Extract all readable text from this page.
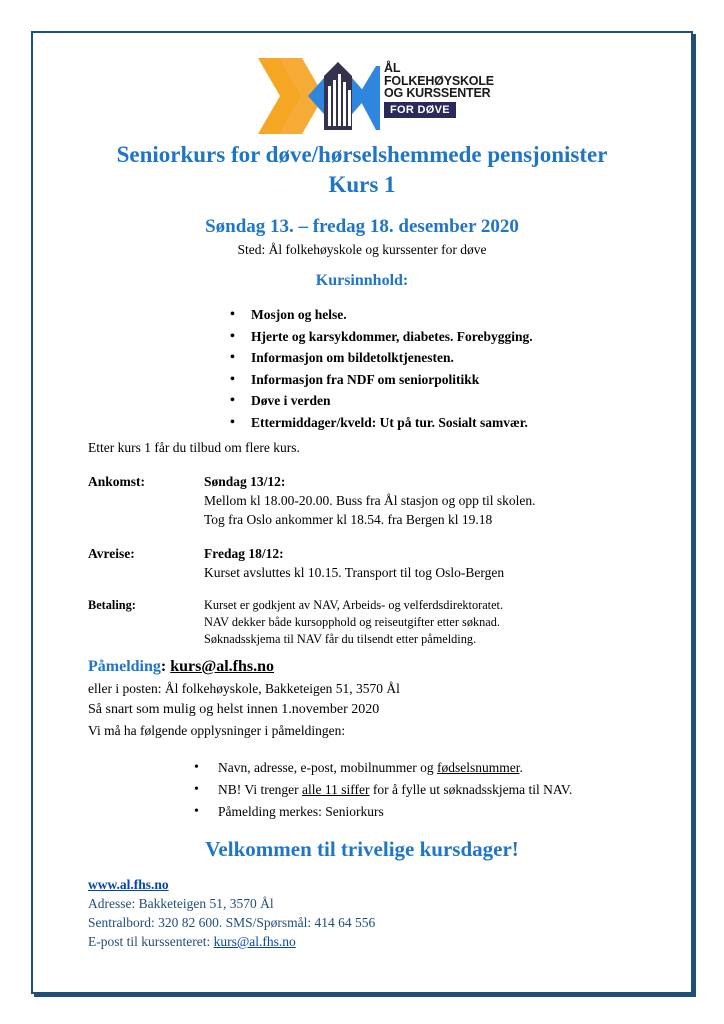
ÅL
FOLKEHØYSKOLE
OG KURSSENTER
FOR DØVE
Seniorkurs for døve/hørselshemmede pensjonister
Kurs 1
Søndag 13. – fredag 18. desember 2020
Sted: Ål folkehøyskole og kurssenter for døve
Kursinnhold:
• Mosjon og helse.
• Hjerte og karsykdommer, diabetes. Forebygging.
• Informasjon om bildetolktjenesten.
• Informasjon fra NDF om seniorpolitikk
• Døve i verden
• Ettermiddager/kveld: Ut på tur. Sosialt samvær.
Etter kurs 1 får du tilbud om flere kurs.
Ankomst:	Søndag 13/12:
Mellom kl 18.00-20.00. Buss fra Ål stasjon og opp til skolen.
Tog fra Oslo ankommer kl 18.54. fra Bergen kl 19.18
Avreise:	Fredag 18/12:
Kurset avsluttes kl 10.15. Transport til tog Oslo-Bergen
Betaling:	Kurset er godkjent av NAV, Arbeids- og velferdsdirektoratet.
NAV dekker både kursopphold og reiseutgifter etter søknad.
Søknadsskjema til NAV får du tilsendt etter påmelding.
Påmelding: kurs@al.fhs.no
eller i posten: Ål folkehøyskole, Bakketeigen 51, 3570 Ål
Så snart som mulig og helst innen 1.november 2020
Vi må ha følgende opplysninger i påmeldingen:
• Navn, adresse, e-post, mobilnummer og fødselsnummer.
• NB! Vi trenger alle 11 siffer for å fylle ut søknadsskjema til NAV.
• Påmelding merkes: Seniorkurs
Velkommen til trivelige kursdager!
www.al.fhs.no
Adresse: Bakketeigen 51, 3570 Ål
Sentralbord: 320 82 600. SMS/Spørsmål: 414 64 556
E-post til kurssenteret: kurs@al.fhs.no
